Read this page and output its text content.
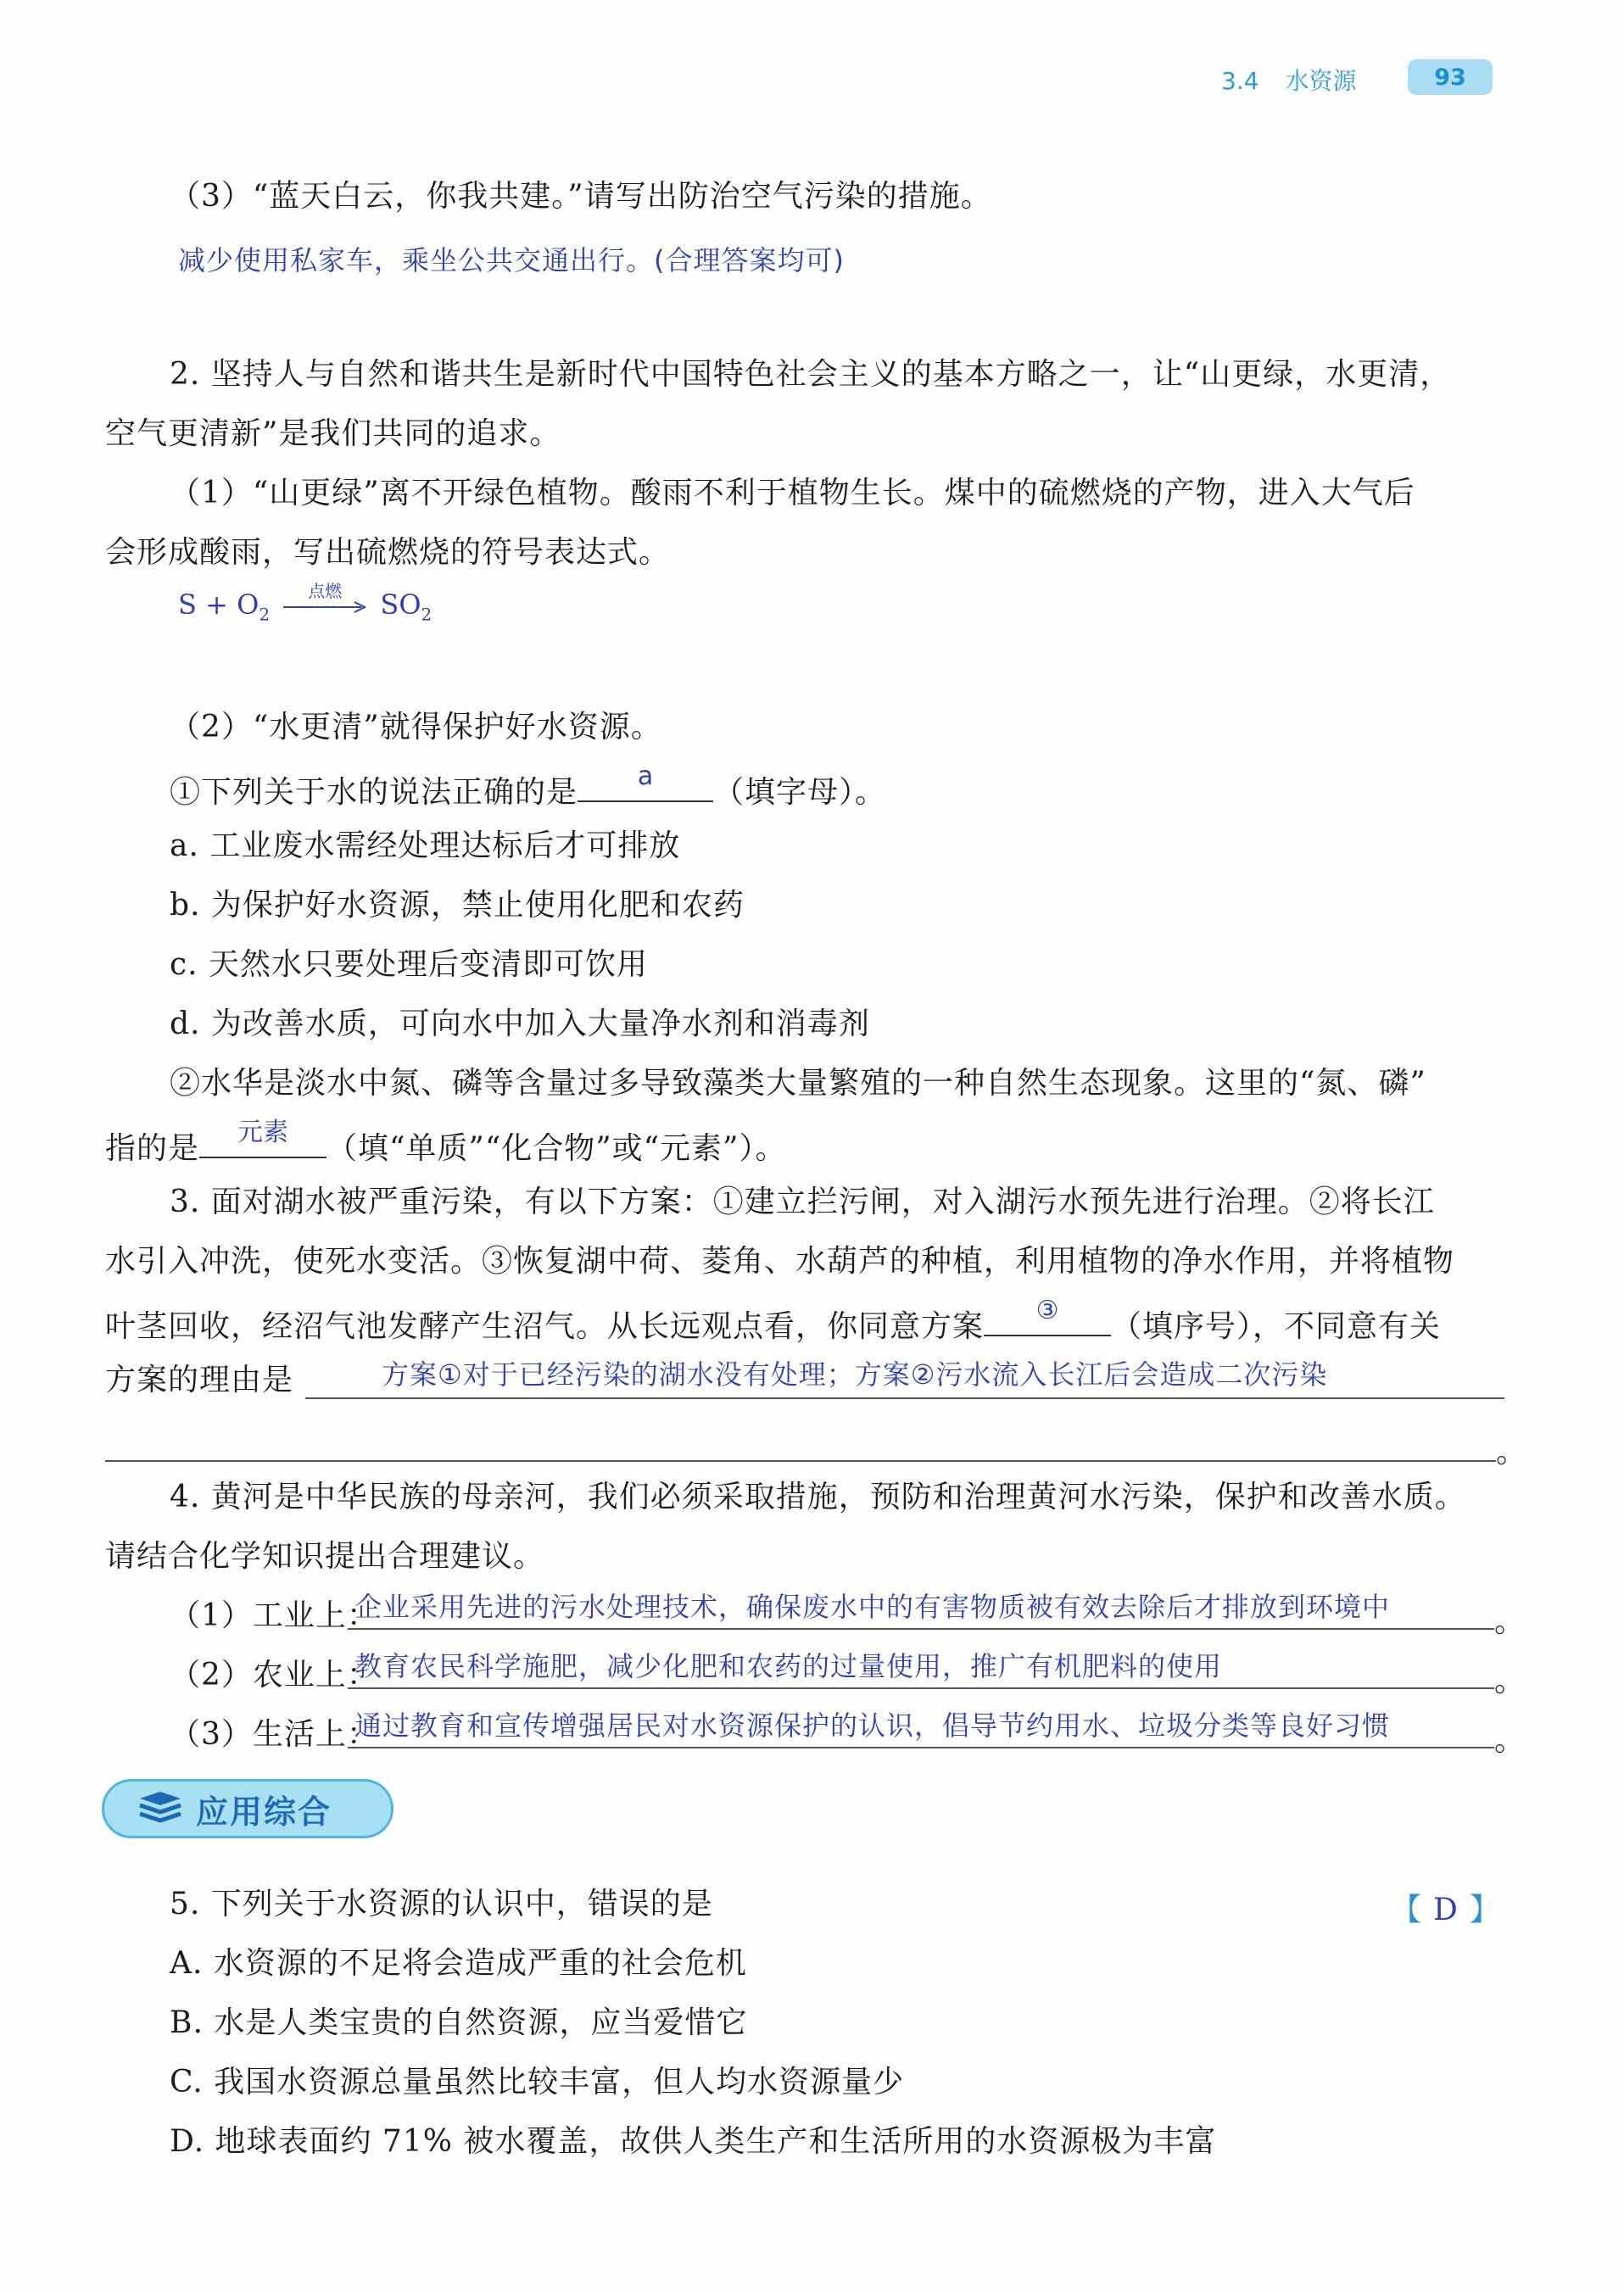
3.4 水资源	93
（3）“蓝天白云，你我共建。”请写出防治空气污染的措施。
减少使用私家车，乘坐公共交通出行。(合理答案均可)
2. 坚持人与自然和谐共生是新时代中国特色社会主义的基本方略之一，让“山更绿，水更清，
空气更清新”是我们共同的追求。
（1）“山更绿”离不开绿色植物。酸雨不利于植物生长。煤中的硫燃烧的产物，进入大气后
会形成酸雨，写出硫燃烧的符号表达式。
$S + O_2$
点燃	$SO_2$
（2）“水更清”就得保护好水资源。
①下列关于水的说法正确的是	a	（填字母）。
a. 工业废水需经处理达标后才可排放
b. 为保护好水资源，禁止使用化肥和农药
c. 天然水只要处理后变清即可饮用
d. 为改善水质，可向水中加入大量净水剂和消毒剂
②水华是淡水中氮、磷等含量过多导致藻类大量繁殖的一种自然生态现象。这里的“氮、磷”
指的是	元素	（填“单质”“化合物”或“元素”）。
3. 面对湖水被严重污染，有以下方案：①建立拦污闸，对入湖污水预先进行治理。②将长江
水引入冲洗，使死水变活。③恢复湖中荷、菱角、水葫芦的种植，利用植物的净水作用，并将植物
叶茎回收，经沼气池发酵产生沼气。从长远观点看，你同意方案	③	（填序号），不同意有关
方案的理由是	方案①对于已经污染的湖水没有处理；方案②污水流入长江后会造成二次污染
。
4. 黄河是中华民族的母亲河，我们必须采取措施，预防和治理黄河水污染，保护和改善水质。
请结合化学知识提出合理建议。
（1）工业上：
企业采用先进的污水处理技术，确保废水中的有害物质被有效去除后才排放到环境中	。
（2）农业上：
教育农民科学施肥，减少化肥和农药的过量使用，推广有机肥料的使用	。
（3）生活上：
通过教育和宣传增强居民对水资源保护的认识，倡导节约用水、垃圾分类等良好习惯	。
应用综合
5. 下列关于水资源的认识中，错误的是	【 D 】
A. 水资源的不足将会造成严重的社会危机
B. 水是人类宝贵的自然资源，应当爱惜它
C. 我国水资源总量虽然比较丰富，但人均水资源量少
D. 地球表面约 71% 被水覆盖，故供人类生产和生活所用的水资源极为丰富
